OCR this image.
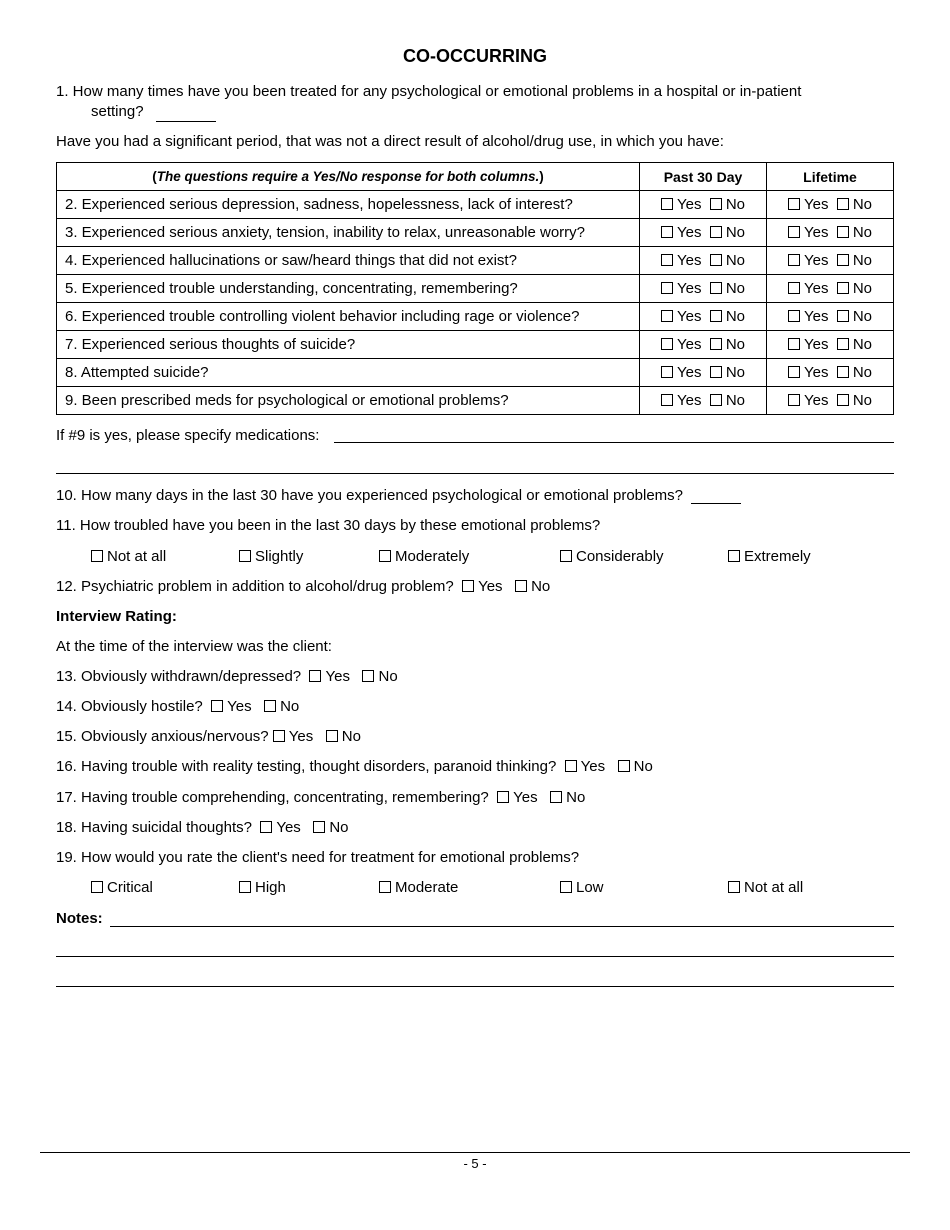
CO-OCCURRING
1. How many times have you been treated for any psychological or emotional problems in a hospital or in-patient
setting?
Have you had a significant period, that was not a direct result of alcohol/drug use, in which you have:
(The questions require a Yes/No response for both columns.)	Past 30 Day	Lifetime
2. Experienced serious depression, sadness, hopelessness, lack of interest?	Yes No	Yes No
3. Experienced serious anxiety, tension, inability to relax, unreasonable worry?	Yes No	Yes No
4. Experienced hallucinations or saw/heard things that did not exist?	Yes No	Yes No
5. Experienced trouble understanding, concentrating, remembering?	Yes No	Yes No
6. Experienced trouble controlling violent behavior including rage or violence?	Yes No	Yes No
7. Experienced serious thoughts of suicide?	Yes No	Yes No
8. Attempted suicide?	Yes No	Yes No
9. Been prescribed meds for psychological or emotional problems?	Yes No	Yes No
If #9 is yes, please specify medications:
10. How many days in the last 30 have you experienced psychological or emotional problems?
11. How troubled have you been in the last 30 days by these emotional problems?
Not at all	Slightly	Moderately	Considerably	Extremely
12. Psychiatric problem in addition to alcohol/drug problem? Yes No
Interview Rating:
At the time of the interview was the client:
13. Obviously withdrawn/depressed? Yes No
14. Obviously hostile? Yes No
15. Obviously anxious/nervous? Yes No
16. Having trouble with reality testing, thought disorders, paranoid thinking? Yes No
17. Having trouble comprehending, concentrating, remembering? Yes No
18. Having suicidal thoughts? Yes No
19. How would you rate the client's need for treatment for emotional problems?
Critical	High	Moderate	Low	Not at all
Notes:
- 5 -
